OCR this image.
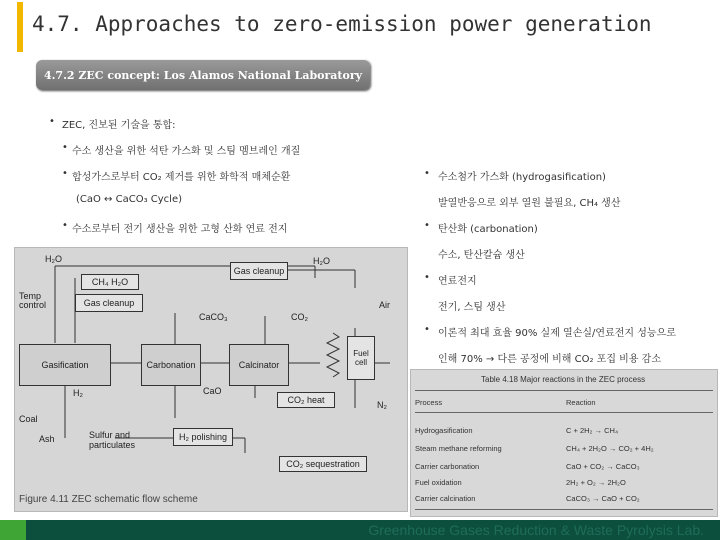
4.7. Approaches to zero-emission power generation
4.7.2 ZEC concept: Los Alamos National Laboratory
• ZEC, 진보된 기술을 통합:
• 수소 생산을 위한 석탄 가스화 및 스팀 멤브레인 개질
• 합성가스로부터 CO₂ 제거를 위한 화학적 매체순환
(CaO ↔ CaCO₃ Cycle)
• 수소로부터 전기 생산을 위한 고형 산화 연료 전지
• 수소첨가 가스화 (hydrogasification)
발열반응으로 외부 열원 불필요, CH₄ 생산
• 탄산화 (carbonation)
수소, 탄산칼슘 생산
• 연료전지
전기, 스팀 생산
• 이론적 최대 효율 90% 실제 열손실/연료전지 성능으로
인해 70% → 다른 공정에 비해 CO₂ 포집 비용 감소
H₂O	H₂O
Gas cleanup
CH₄ H₂O
Gas cleanup
Temp control	Air
CaCO₃	CO₂
Gasification	Carbonation	Calcinator
Fuel cell
H₂	CaO
CO₂ heat	N₂
Coal
Ash	Sulfur and particulates
H₂ polishing
CO₂ sequestration
Figure 4.11 ZEC schematic flow scheme
Table 4.18 Major reactions in the ZEC process
Process	Reaction
Hydrogasification	C + 2H₂ → CH₄
Steam methane reforming	CH₄ + 2H₂O → CO₂ + 4H₂
Carrier carbonation	CaO + CO₂ → CaCO₃
Fuel oxidation	2H₂ + O₂ → 2H₂O
Carrier calcination	CaCO₃ → CaO + CO₂
Greenhouse Gases Reduction & Waste Pyrolysis Lab.
